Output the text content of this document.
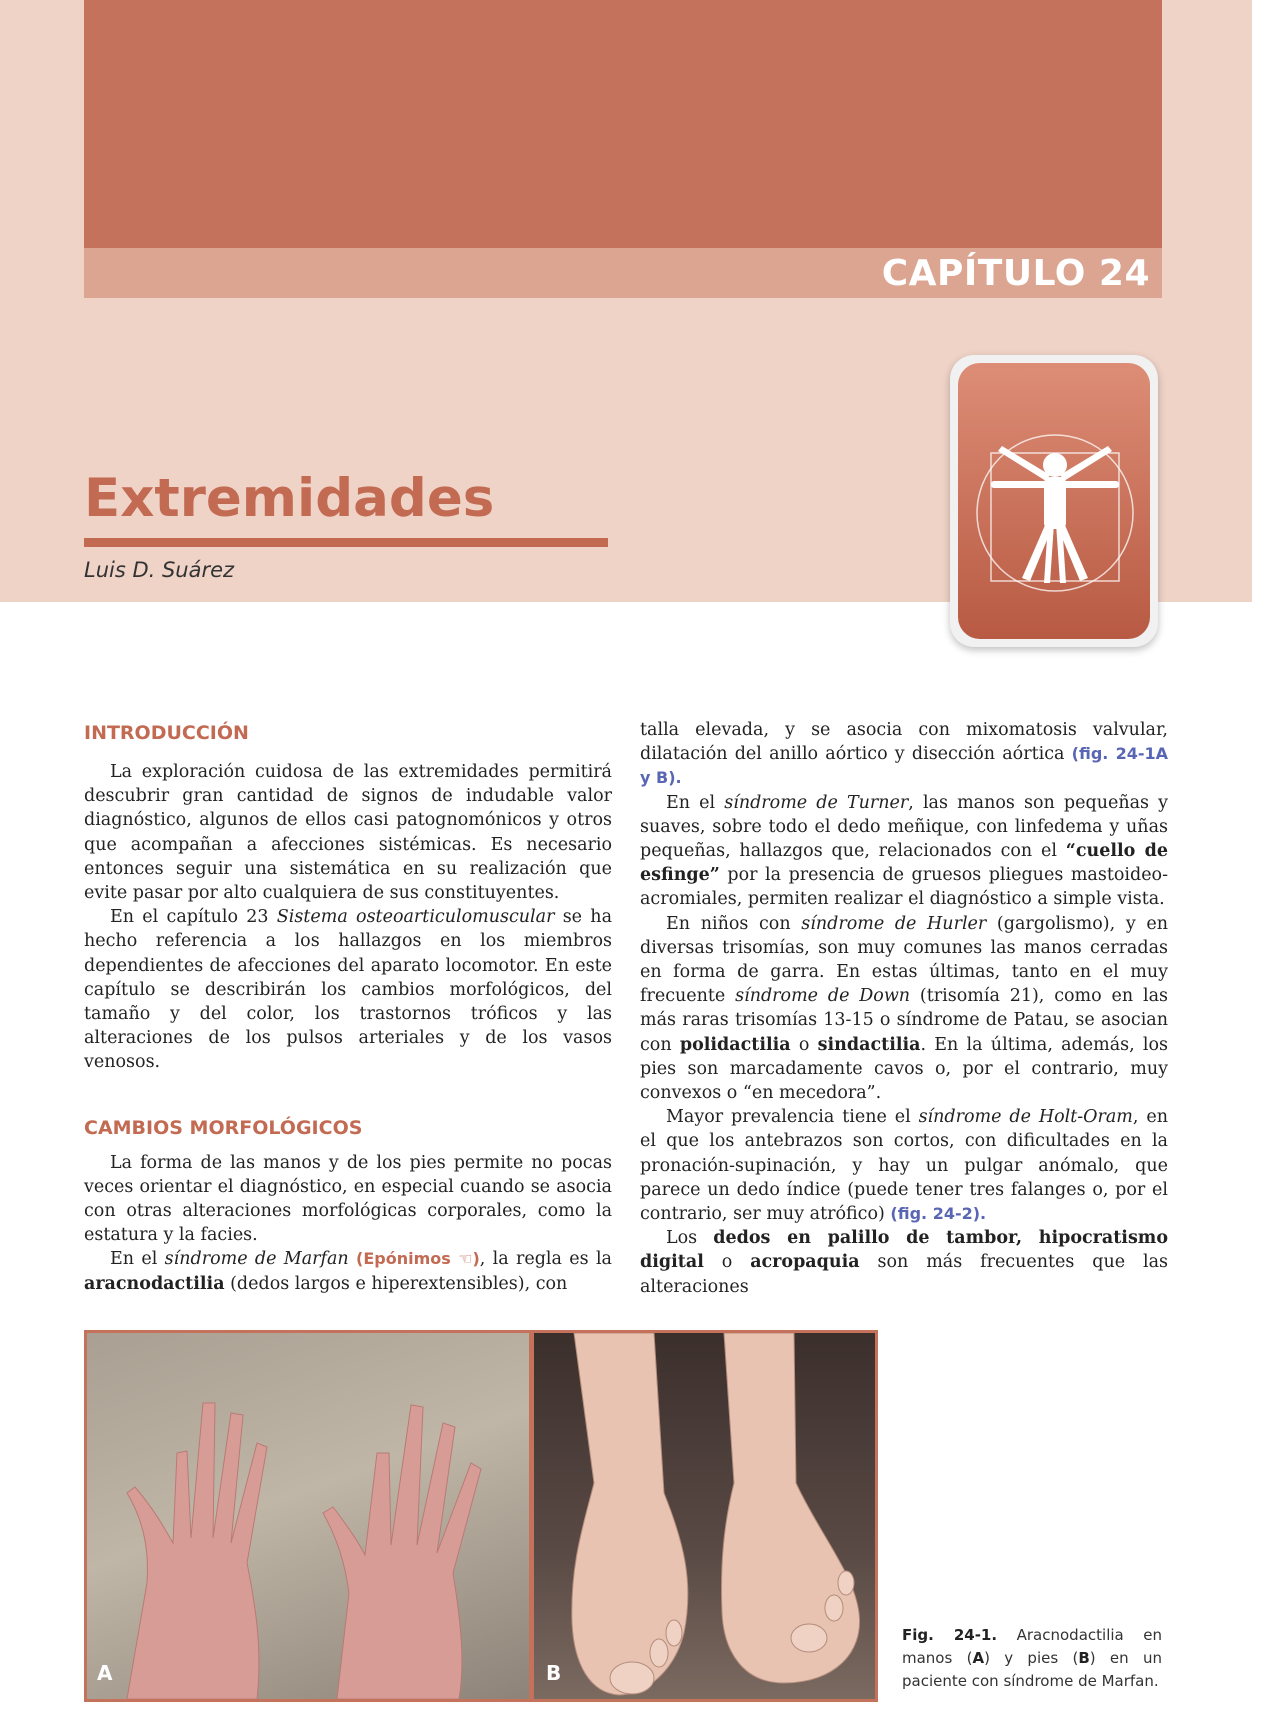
CAPÍTULO 24
Extremidades
Luis D. Suárez
INTRODUCCIÓN

La exploración cuidosa de las extremidades permitirá descubrir gran cantidad de signos de indudable valor diagnóstico, algunos de ellos casi patognomónicos y otros que acompañan a afecciones sistémicas. Es necesario entonces seguir una sistemática en su realización que evite pasar por alto cualquiera de sus constituyentes.

En el capítulo 23 Sistema osteoarticulomuscular se ha hecho referencia a los hallazgos en los miembros dependientes de afecciones del aparato locomotor. En este capítulo se describirán los cambios morfológicos, del tamaño y del color, los trastornos tróficos y las alteraciones de los pulsos arteriales y de los vasos venosos.

CAMBIOS MORFOLÓGICOS

La forma de las manos y de los pies permite no pocas veces orientar el diagnóstico, en especial cuando se asocia con otras alteraciones morfológicas corporales, como la estatura y la facies.

En el síndrome de Marfan (Epónimos ☜), la regla es la aracnodactilia (dedos largos e hiperextensibles), con

talla elevada, y se asocia con mixomatosis valvular, dilatación del anillo aórtico y disección aórtica (fig. 24-1A y B).

En el síndrome de Turner, las manos son pequeñas y suaves, sobre todo el dedo meñique, con linfedema y uñas pequeñas, hallazgos que, relacionados con el “cuello de esfinge” por la presencia de gruesos pliegues mastoideo-acromiales, permiten realizar el diagnóstico a simple vista.

En niños con síndrome de Hurler (gargolismo), y en diversas trisomías, son muy comunes las manos cerradas en forma de garra. En estas últimas, tanto en el muy frecuente síndrome de Down (trisomía 21), como en las más raras trisomías 13-15 o síndrome de Patau, se asocian con polidactilia o sindactilia. En la última, además, los pies son marcadamente cavos o, por el contrario, muy convexos o “en mecedora”.

Mayor prevalencia tiene el síndrome de Holt-Oram, en el que los antebrazos son cortos, con dificultades en la pronación-supinación, y hay un pulgar anómalo, que parece un dedo índice (puede tener tres falanges o, por el contrario, ser muy atrófico) (fig. 24-2).

Los dedos en palillo de tambor, hipocratismo digital o acropaquia son más frecuentes que las alteraciones

A	B
Fig. 24-1. Aracnodactilia en manos (A) y pies (B) en un paciente con síndrome de Marfan.
